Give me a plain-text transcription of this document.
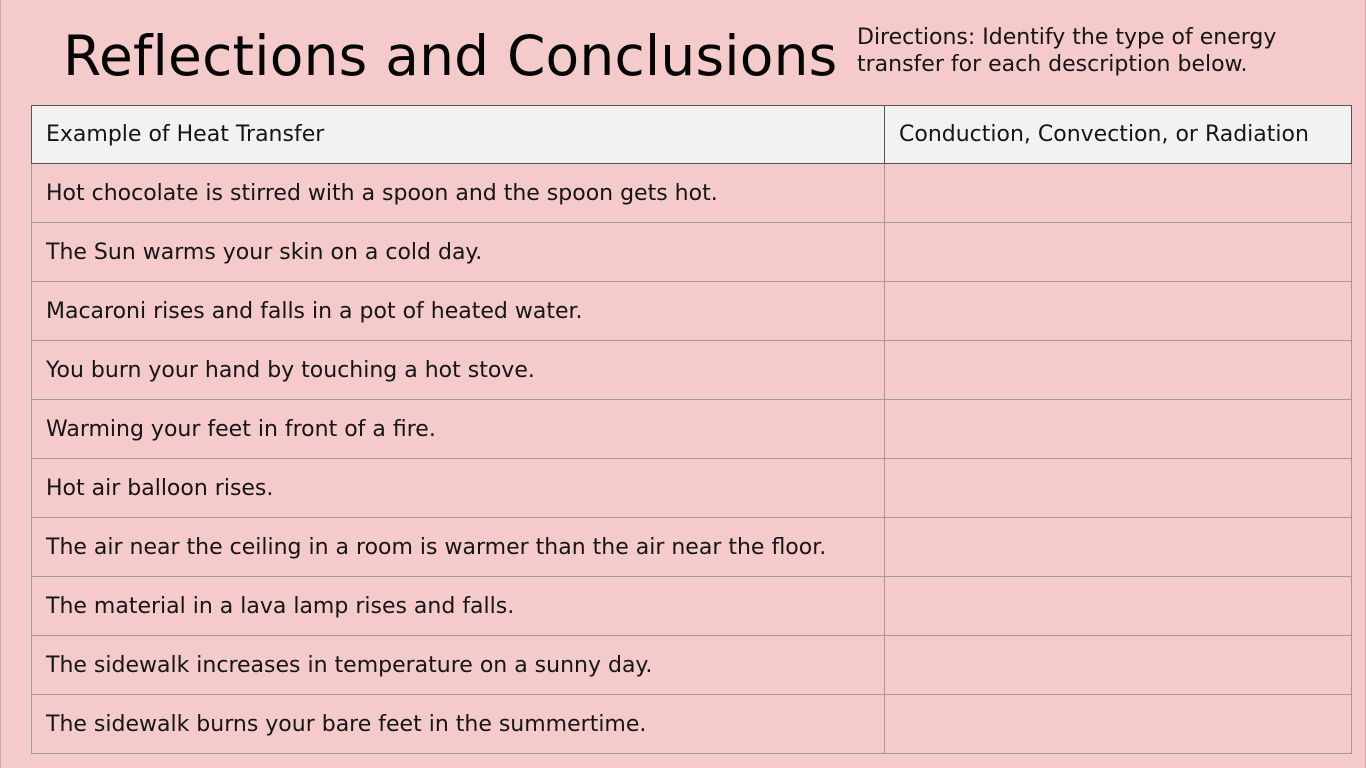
Reflections and Conclusions Directions: Identify the type of energy transfer for each description below.

Example of Heat Transfer	Conduction, Convection, or Radiation
Hot chocolate is stirred with a spoon and the spoon gets hot.	
The Sun warms your skin on a cold day.	
Macaroni rises and falls in a pot of heated water.	
You burn your hand by touching a hot stove.	
Warming your feet in front of a fire.	
Hot air balloon rises.	
The air near the ceiling in a room is warmer than the air near the floor.	
The material in a lava lamp rises and falls.	
The sidewalk increases in temperature on a sunny day.	
The sidewalk burns your bare feet in the summertime.	
